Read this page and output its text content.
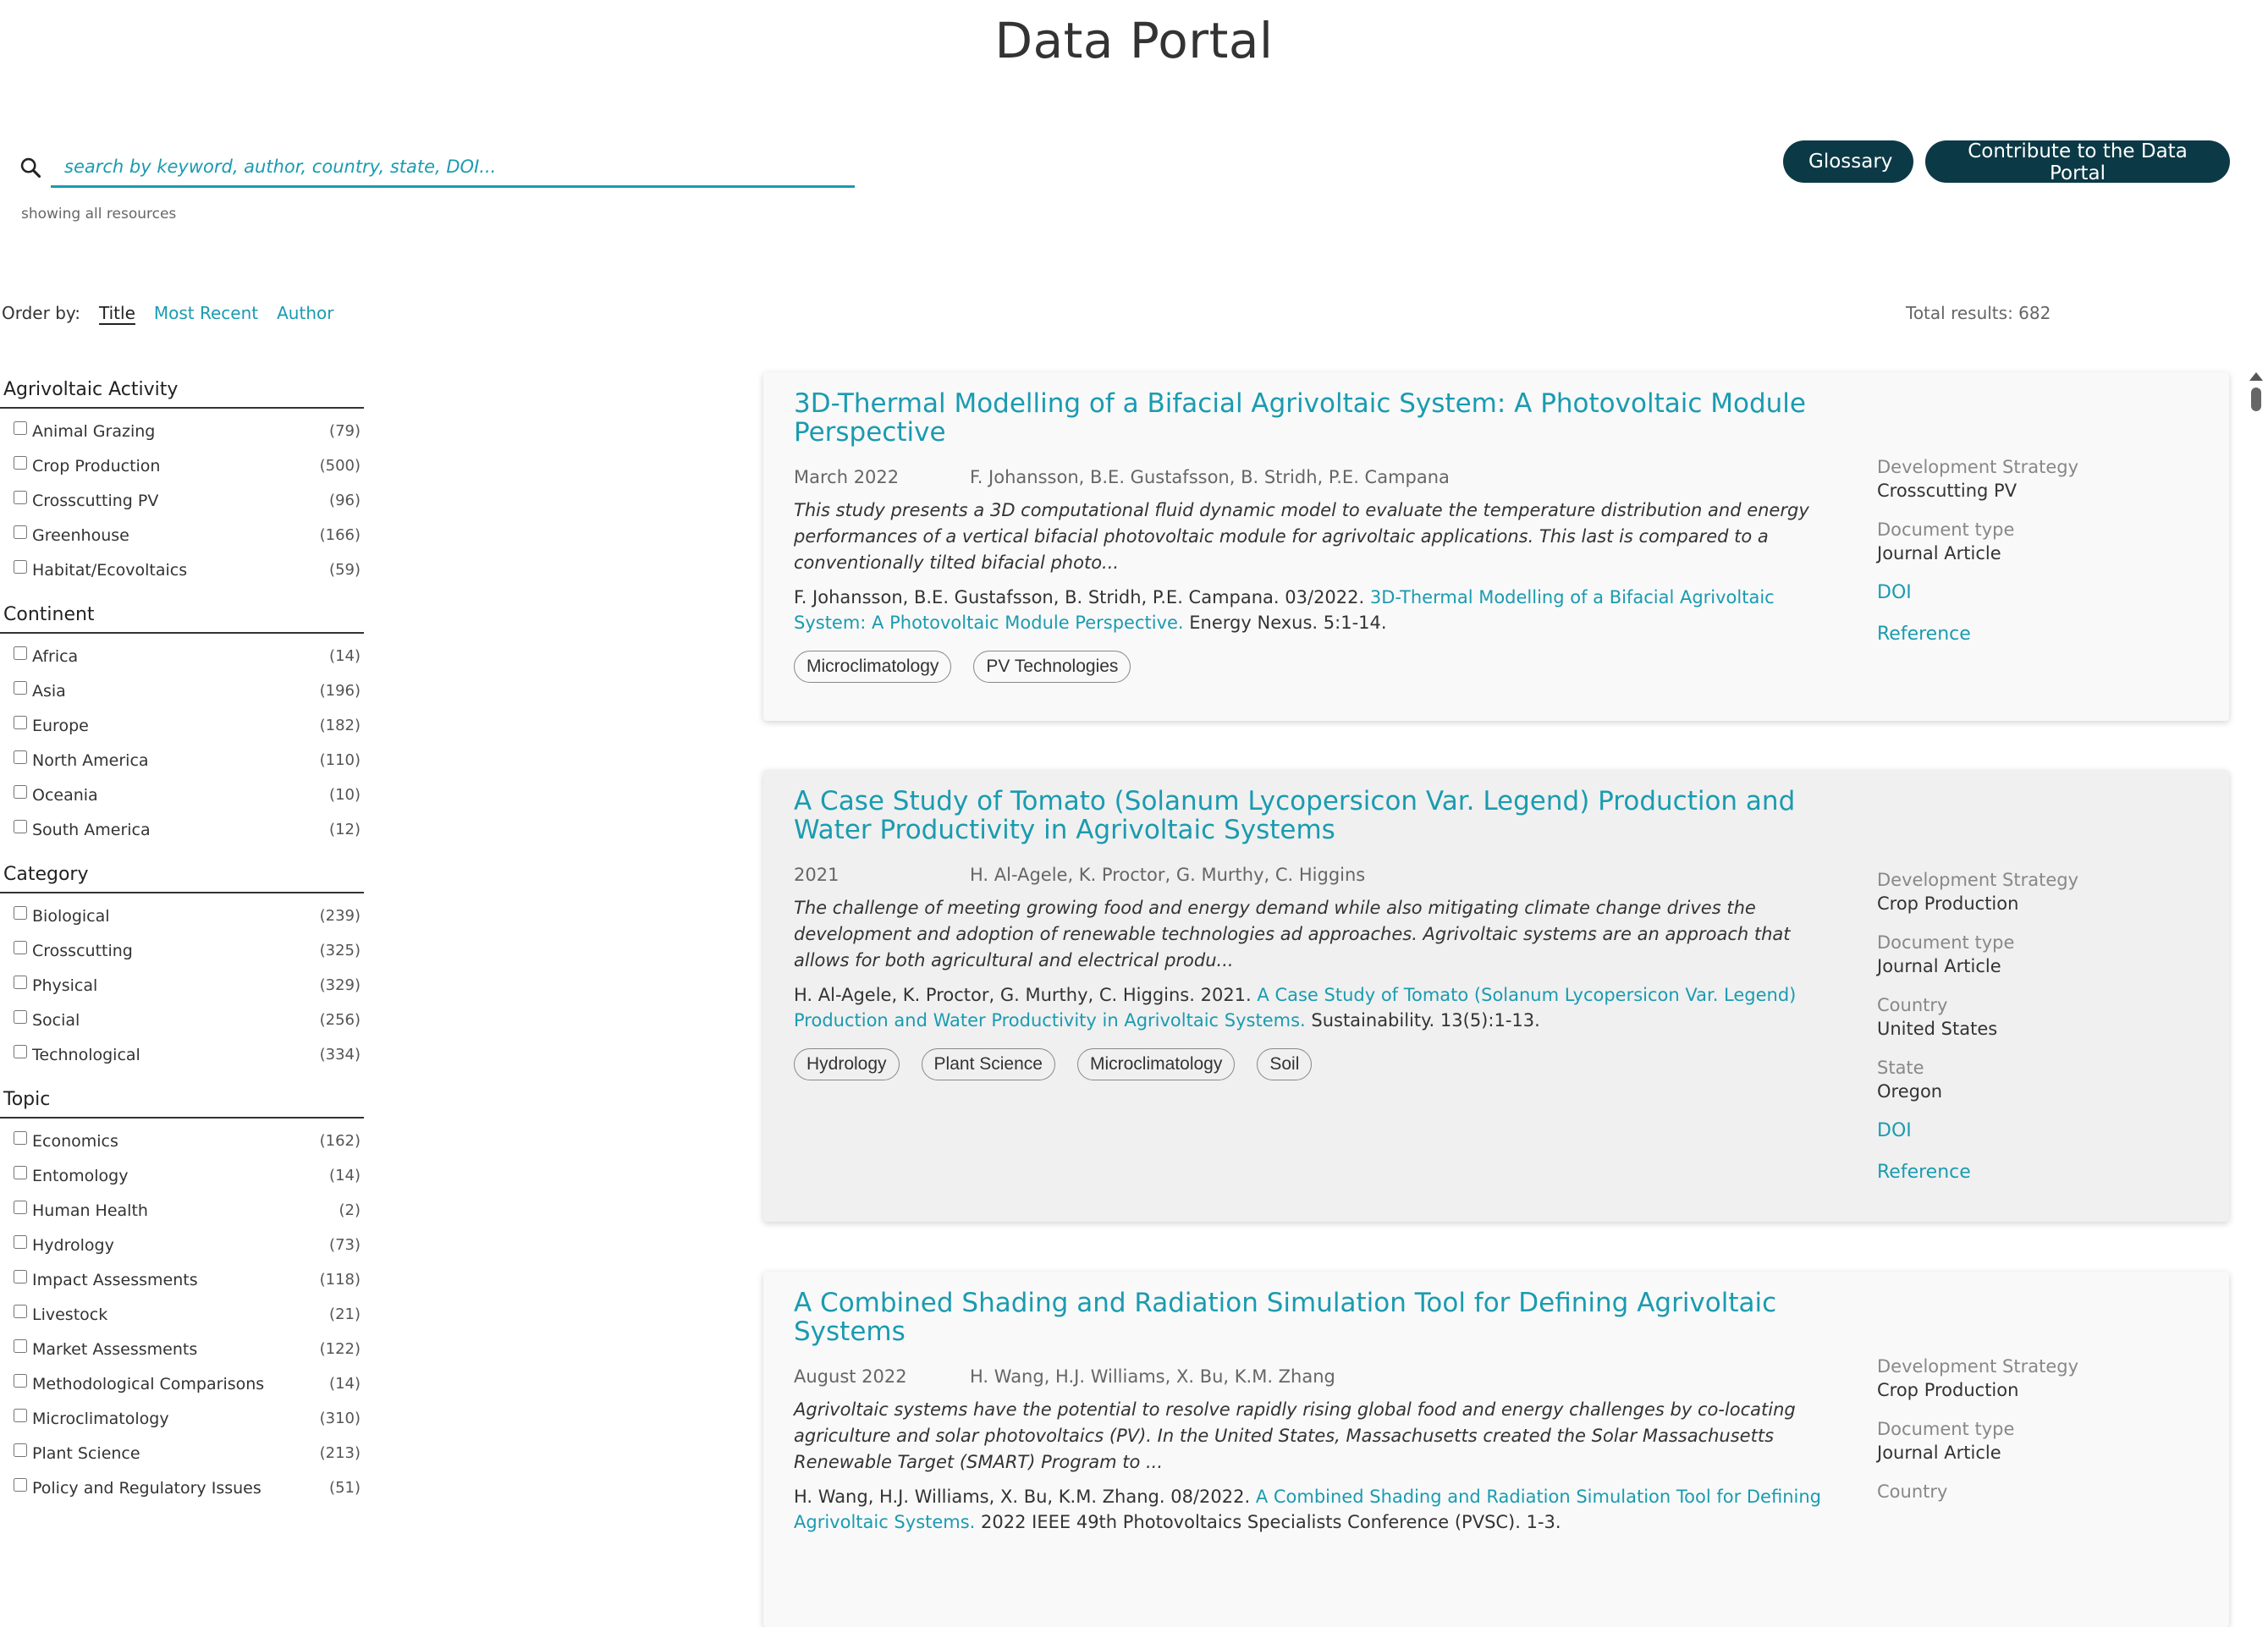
Data Portal
search by keyword, author, country, state, DOI...
showing all resources
Glossary	Contribute to the Data Portal
Order by: Title Most Recent Author	Total results: 682
Agrivoltaic Activity
Animal Grazing	(79)
Crop Production	(500)
Crosscutting PV	(96)
Greenhouse	(166)
Habitat/Ecovoltaics	(59)
Continent
Africa	(14)
Asia	(196)
Europe	(182)
North America	(110)
Oceania	(10)
South America	(12)
Category
Biological	(239)
Crosscutting	(325)
Physical	(329)
Social	(256)
Technological	(334)
Topic
Economics	(162)
Entomology	(14)
Human Health	(2)
Hydrology	(73)
Impact Assessments	(118)
Livestock	(21)
Market Assessments	(122)
Methodological Comparisons	(14)
Microclimatology	(310)
Plant Science	(213)
Policy and Regulatory Issues	(51)
3D-Thermal Modelling of a Bifacial Agrivoltaic System: A Photovoltaic Module Perspective
March 2022	F. Johansson, B.E. Gustafsson, B. Stridh, P.E. Campana
This study presents a 3D computational fluid dynamic model to evaluate the temperature distribution and energy performances of a vertical bifacial photovoltaic module for agrivoltaic applications. This last is compared to a conventionally tilted bifacial photo...
F. Johansson, B.E. Gustafsson, B. Stridh, P.E. Campana. 03/2022. 3D-Thermal Modelling of a Bifacial Agrivoltaic System: A Photovoltaic Module Perspective. Energy Nexus. 5:1-14.
Microclimatology	PV Technologies
Development Strategy
Crosscutting PV
Document type
Journal Article
DOI
Reference
A Case Study of Tomato (Solanum Lycopersicon Var. Legend) Production and Water Productivity in Agrivoltaic Systems
2021	H. Al-Agele, K. Proctor, G. Murthy, C. Higgins
The challenge of meeting growing food and energy demand while also mitigating climate change drives the development and adoption of renewable technologies ad approaches. Agrivoltaic systems are an approach that allows for both agricultural and electrical produ...
H. Al-Agele, K. Proctor, G. Murthy, C. Higgins. 2021. A Case Study of Tomato (Solanum Lycopersicon Var. Legend) Production and Water Productivity in Agrivoltaic Systems. Sustainability. 13(5):1-13.
Hydrology	Plant Science	Microclimatology	Soil
Development Strategy
Crop Production
Document type
Journal Article
Country
United States
State
Oregon
DOI
Reference
A Combined Shading and Radiation Simulation Tool for Defining Agrivoltaic Systems
August 2022	H. Wang, H.J. Williams, X. Bu, K.M. Zhang
Agrivoltaic systems have the potential to resolve rapidly rising global food and energy challenges by co-locating agriculture and solar photovoltaics (PV). In the United States, Massachusetts created the Solar Massachusetts Renewable Target (SMART) Program to ...
H. Wang, H.J. Williams, X. Bu, K.M. Zhang. 08/2022. A Combined Shading and Radiation Simulation Tool for Defining Agrivoltaic Systems. 2022 IEEE 49th Photovoltaics Specialists Conference (PVSC). 1-3.
Development Strategy
Crop Production
Document type
Journal Article
Country
